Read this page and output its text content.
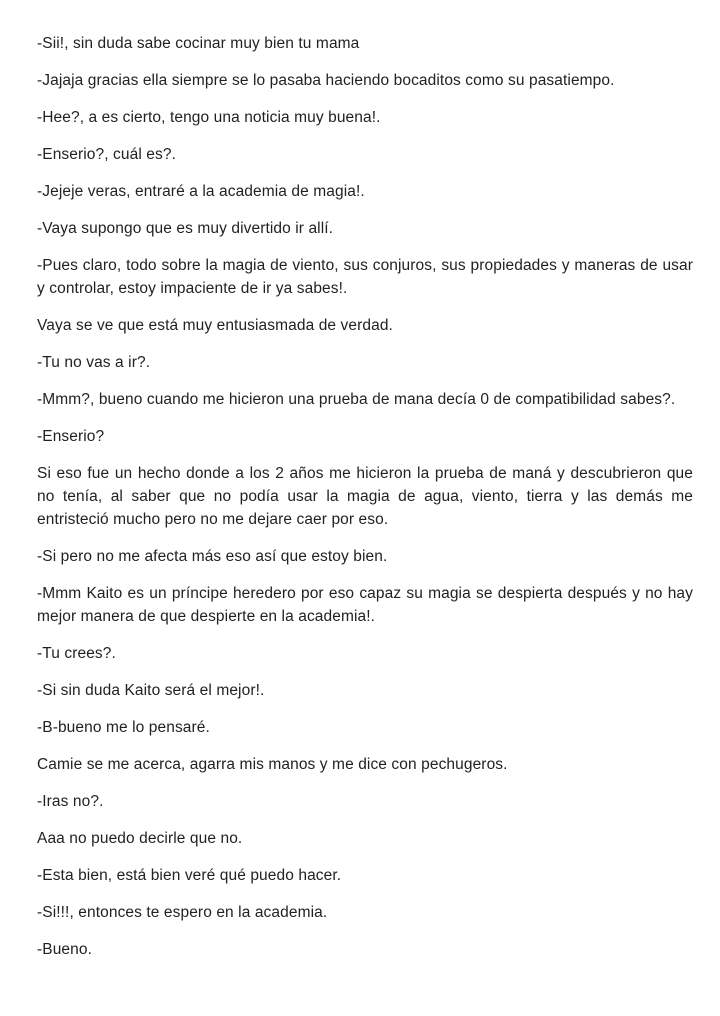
-Sii!, sin duda sabe cocinar muy bien tu mama

-Jajaja gracias ella siempre se lo pasaba haciendo bocaditos como su pasatiempo.

-Hee?, a es cierto, tengo una noticia muy buena!.

-Enserio?, cuál es?.

-Jejeje veras, entraré a la academia de magia!.

-Vaya supongo que es muy divertido ir allí.

-Pues claro, todo sobre la magia de viento, sus conjuros, sus propiedades y maneras de usar y controlar, estoy impaciente de ir ya sabes!.

Vaya se ve que está muy entusiasmada de verdad.

-Tu no vas a ir?.

-Mmm?, bueno cuando me hicieron una prueba de mana decía 0 de compatibilidad sabes?.

-Enserio?

Si eso fue un hecho donde a los 2 años me hicieron la prueba de maná y descubrieron que no tenía, al saber que no podía usar la magia de agua, viento, tierra y las demás me entristeció mucho pero no me dejare caer por eso.

-Si pero no me afecta más eso así que estoy bien.

-Mmm Kaito es un príncipe heredero por eso capaz su magia se despierta después y no hay mejor manera de que despierte en la academia!.

-Tu crees?.

-Si sin duda Kaito será el mejor!.

-B-bueno me lo pensaré.

Camie se me acerca, agarra mis manos y me dice con pechugeros.

-Iras no?.

Aaa no puedo decirle que no.

-Esta bien, está bien veré qué puedo hacer.

-Si!!!, entonces te espero en la academia.

-Bueno.
